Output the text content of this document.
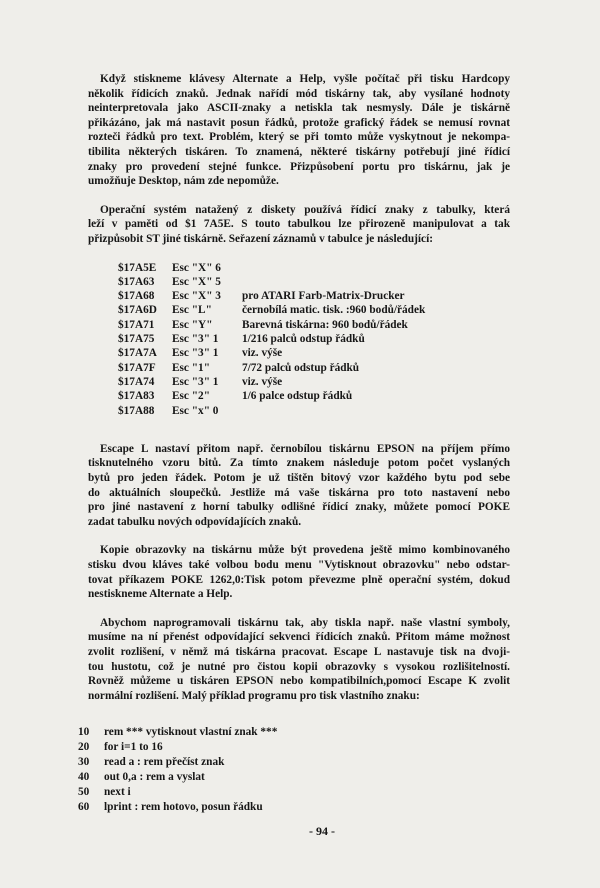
Když stiskneme klávesy Alternate a Help, vyšle počítač při tisku Hardcopy
několik řídicích znaků. Jednak nařídí mód tiskárny tak, aby vysílané hodnoty
neinterpretovala jako ASCII-znaky a netiskla tak nesmysly. Dále je tiskárně
přikázáno, jak má nastavit posun řádků, protože grafický řádek se nemusí rovnat
rozteči řádků pro text. Problém, který se při tomto může vyskytnout je nekompa-
tibilita některých tiskáren. To znamená, některé tiskárny potřebují jiné řídicí
znaky pro provedení stejné funkce. Přizpůsobení portu pro tiskárnu, jak je
umožňuje Desktop, nám zde nepomůže.
Operační systém natažený z diskety používá řídicí znaky z tabulky, která
leží v paměti od $1 7A5E. S touto tabulkou lze přirozeně manipulovat a tak
přizpůsobit ST jiné tiskárně. Seřazení záznamů v tabulce je následující:
$17A5E	Esc "X" 6
$17A63	Esc "X" 5
$17A68	Esc "X" 3	pro ATARI Farb-Matrix-Drucker
$17A6D	Esc "L"	černobílá matic. tisk. :960 bodů/řádek
$17A71	Esc "Y"	Barevná tiskárna: 960 bodů/řádek
$17A75	Esc "3" 1	1/216 palců odstup řádků
$17A7A	Esc "3" 1	viz. výše
$17A7F	Esc "1"	7/72 palců odstup řádků
$17A74	Esc "3" 1	viz. výše
$17A83	Esc "2"	1/6 palce odstup řádků
$17A88	Esc "x" 0
Escape L nastaví přitom např. černobílou tiskárnu EPSON na příjem přímo
tisknutelného vzoru bitů. Za tímto znakem následuje potom počet vyslaných
bytů pro jeden řádek. Potom je už tištěn bitový vzor každého bytu pod sebe
do aktuálních sloupečků. Jestliže má vaše tiskárna pro toto nastavení nebo
pro jiné nastavení z horní tabulky odlišné řídicí znaky, můžete pomocí POKE
zadat tabulku nových odpovídajících znaků.
Kopie obrazovky na tiskárnu může být provedena ještě mimo kombinovaného
stisku dvou kláves také volbou bodu menu "Vytisknout obrazovku" nebo odstar-
tovat příkazem POKE 1262,0:Tisk potom převezme plně operační systém, dokud
nestiskneme Alternate a Help.
Abychom naprogramovali tiskárnu tak, aby tiskla např. naše vlastní symboly,
musíme na ní přenést odpovídající sekvenci řídicích znaků. Přitom máme možnost
zvolit rozlišení, v němž má tiskárna pracovat. Escape L nastavuje tisk na dvoji-
tou hustotu, což je nutné pro čistou kopii obrazovky s vysokou rozlišitelností.
Rovněž můžeme u tiskáren EPSON nebo kompatibilních,pomocí Escape K zvolit
normální rozlišení. Malý příklad programu pro tisk vlastního znaku:
10	rem *** vytisknout vlastní znak ***
20	for i=1 to 16
30	read a : rem přečíst znak
40	out 0,a : rem a vyslat
50	next i
60	lprint : rem hotovo, posun řádku
- 94 -
